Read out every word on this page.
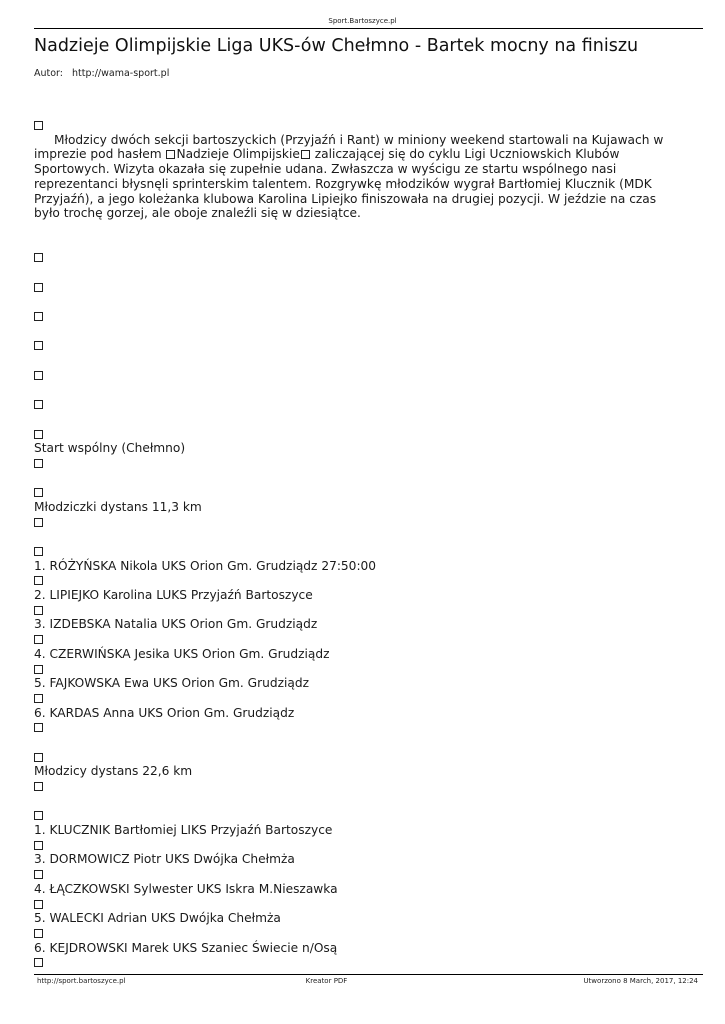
Sport.Bartoszyce.pl
Nadzieje Olimpijskie Liga UKS-ów Chełmno - Bartek mocny na finiszu
Autor: http://wama-sport.pl

Młodzicy dwóch sekcji bartoszyckich (Przyjaźń i Rant) w miniony weekend startowali na Kujawach w imprezie pod hasłem Nadzieje Olimpijskie zaliczającej się do cyklu Ligi Uczniowskich Klubów Sportowych. Wizyta okazała się zupełnie udana. Zwłaszcza w wyścigu ze startu wspólnego nasi reprezentanci błysnęli sprinterskim talentem. Rozgrywkę młodzików wygrał Bartłomiej Klucznik (MDK Przyjaźń), a jego koleżanka klubowa Karolina Lipiejko finiszowała na drugiej pozycji. W jeździe na czas było trochę gorzej, ale oboje znaleźli się w dziesiątce.

Start wspólny (Chełmno)
Młodziczki dystans 11,3 km
1. RÓŻYŃSKA Nikola UKS Orion Gm. Grudziądz 27:50:00
2. LIPIEJKO Karolina LUKS Przyjaźń Bartoszyce
3. IZDEBSKA Natalia UKS Orion Gm. Grudziądz
4. CZERWIŃSKA Jesika UKS Orion Gm. Grudziądz
5. FAJKOWSKA Ewa UKS Orion Gm. Grudziądz
6. KARDAS Anna UKS Orion Gm. Grudziądz
Młodzicy dystans 22,6 km
1. KLUCZNIK Bartłomiej LIKS Przyjaźń Bartoszyce
3. DORMOWICZ Piotr UKS Dwójka Chełmża
4. ŁĄCZKOWSKI Sylwester UKS Iskra M.Nieszawka
5. WALECKI Adrian UKS Dwójka Chełmża
6. KEJDROWSKI Marek UKS Szaniec Świecie n/Osą
http://sport.bartoszyce.pl	Kreator PDF	Utworzono 8 March, 2017, 12:24
